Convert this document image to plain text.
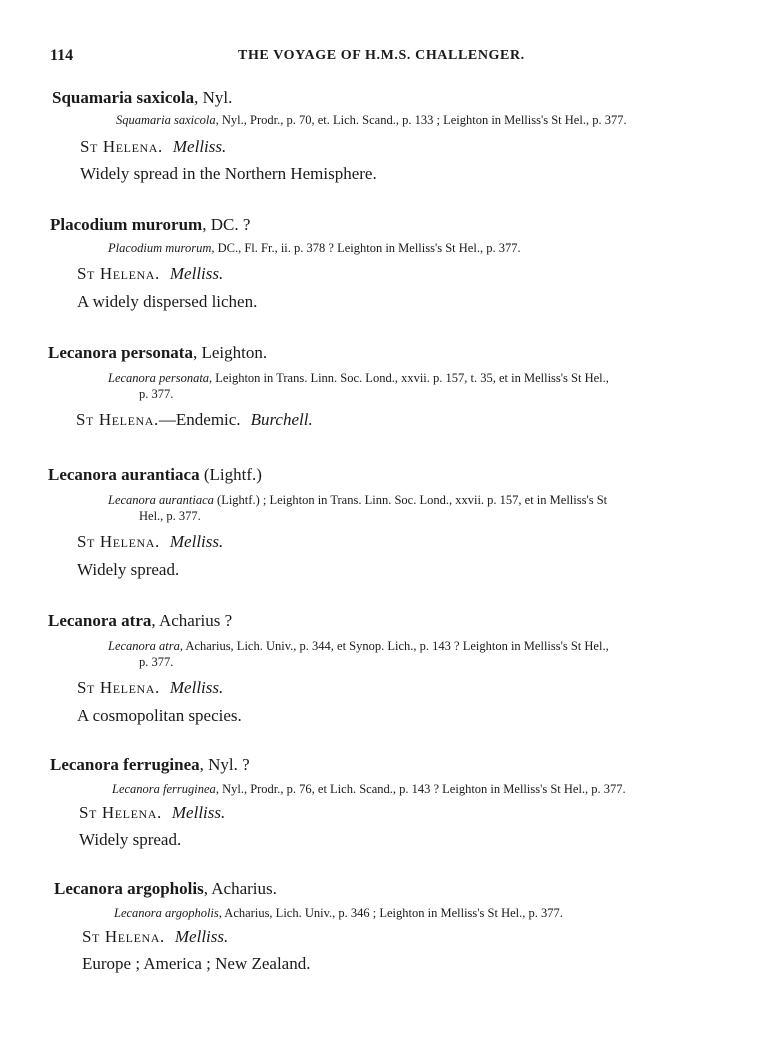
114	THE VOYAGE OF H.M.S. CHALLENGER.
Squamaria saxicola, Nyl.
Squamaria saxicola, Nyl., Prodr., p. 70, et. Lich. Scand., p. 133 ; Leighton in Melliss's St Hel., p. 377.
St Helena. Melliss.
Widely spread in the Northern Hemisphere.
Placodium murorum, DC. ?
Placodium murorum, DC., Fl. Fr., ii. p. 378 ? Leighton in Melliss's St Hel., p. 377.
St Helena. Melliss.
A widely dispersed lichen.
Lecanora personata, Leighton.
Lecanora personata, Leighton in Trans. Linn. Soc. Lond., xxvii. p. 157, t. 35, et in Melliss's St Hel.,
p. 377.
St Helena.—Endemic. Burchell.
Lecanora aurantiaca (Lightf.)
Lecanora aurantiaca (Lightf.) ; Leighton in Trans. Linn. Soc. Lond., xxvii. p. 157, et in Melliss's St
Hel., p. 377.
St Helena. Melliss.
Widely spread.
Lecanora atra, Acharius ?
Lecanora atra, Acharius, Lich. Univ., p. 344, et Synop. Lich., p. 143 ? Leighton in Melliss's St Hel.,
p. 377.
St Helena. Melliss.
A cosmopolitan species.
Lecanora ferruginea, Nyl. ?
Lecanora ferruginea, Nyl., Prodr., p. 76, et Lich. Scand., p. 143 ? Leighton in Melliss's St Hel., p. 377.
St Helena. Melliss.
Widely spread.
Lecanora argopholis, Acharius.
Lecanora argopholis, Acharius, Lich. Univ., p. 346 ; Leighton in Melliss's St Hel., p. 377.
St Helena. Melliss.
Europe ; America ; New Zealand.
